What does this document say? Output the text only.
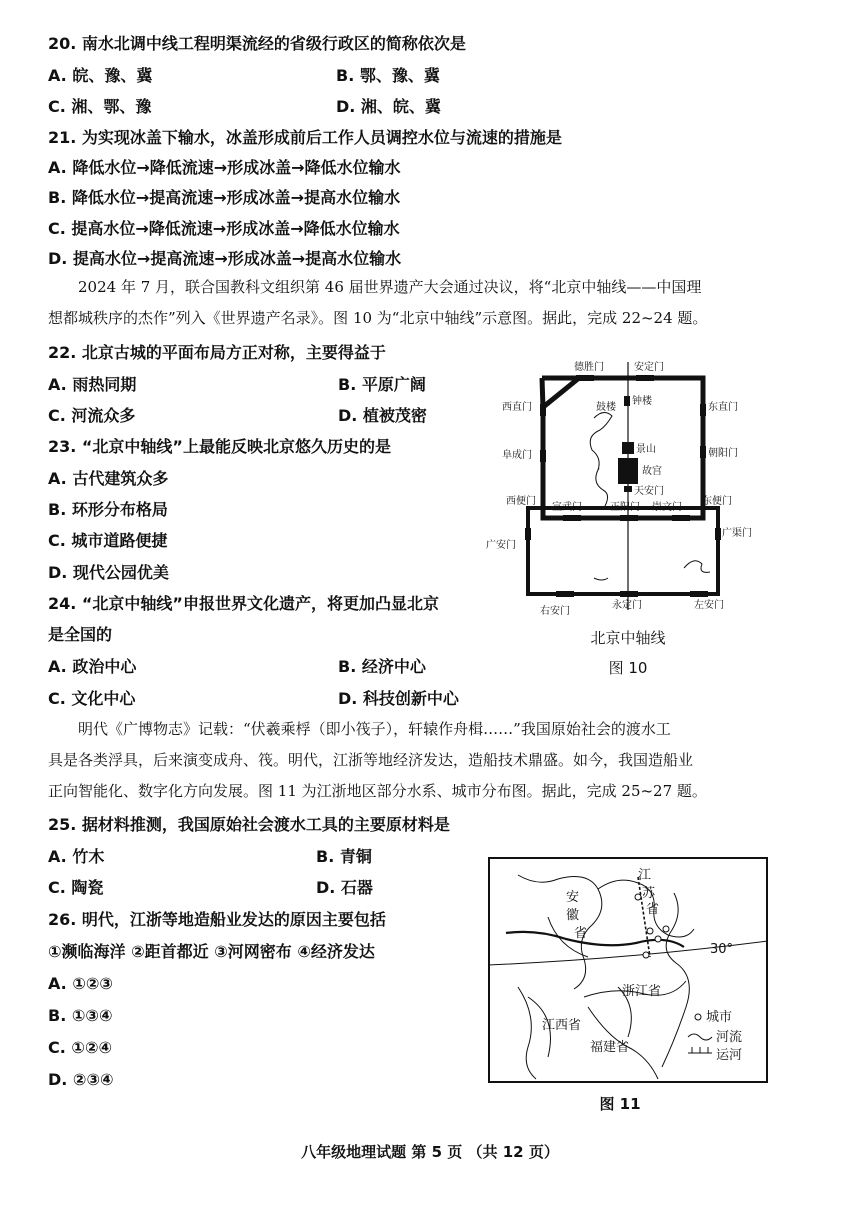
20. 南水北调中线工程明渠流经的省级行政区的简称依次是
A. 皖、豫、冀	B. 鄂、豫、冀
C. 湘、鄂、豫	D. 湘、皖、冀
21. 为实现冰盖下输水，冰盖形成前后工作人员调控水位与流速的措施是
A. 降低水位→降低流速→形成冰盖→降低水位输水
B. 降低水位→提高流速→形成冰盖→提高水位输水
C. 提高水位→降低流速→形成冰盖→降低水位输水
D. 提高水位→提高流速→形成冰盖→提高水位输水
2024 年 7 月，联合国教科文组织第 46 届世界遗产大会通过决议，将“北京中轴线——中国理
想都城秩序的杰作”列入《世界遗产名录》。图 10 为“北京中轴线”示意图。据此，完成 22~24 题。
22. 北京古城的平面布局方正对称，主要得益于
A. 雨热同期	B. 平原广阔
C. 河流众多	D. 植被茂密
23. “北京中轴线”上最能反映北京悠久历史的是
A. 古代建筑众多
B. 环形分布格局
C. 城市道路便捷
D. 现代公园优美
24. “北京中轴线”申报世界文化遗产，将更加凸显北京
是全国的
A. 政治中心	B. 经济中心
C. 文化中心	D. 科技创新中心
德胜门	安定门
西直门	东直门
鼓楼
钟楼
景山
故宫
阜成门	朝阳门
天安门
西便门	东便门
宣武门	正阳门 崇文门
广安门
广渠门
右安门
永定门	左安门
北京中轴线
图 10
明代《广博物志》记载：“伏羲乘桴（即小筏子），轩辕作舟楫……”我国原始社会的渡水工
具是各类浮具，后来演变成舟、筏。明代，江浙等地经济发达，造船技术鼎盛。如今，我国造船业
正向智能化、数字化方向发展。图 11 为江浙地区部分水系、城市分布图。据此，完成 25~27 题。
25. 据材料推测，我国原始社会渡水工具的主要原材料是
A. 竹木	B. 青铜
C. 陶瓷	D. 石器
26. 明代，江浙等地造船业发达的原因主要包括
①濒临海洋 ②距首都近 ③河网密布 ④经济发达
A. ①②③
B. ①③④
C. ①②④
D. ②③④
安
徽
省
江
苏
省
浙江省
江西省
福建省
30°
城市
河流
运河
图 11
八年级地理试题 第 5 页 （共 12 页）
